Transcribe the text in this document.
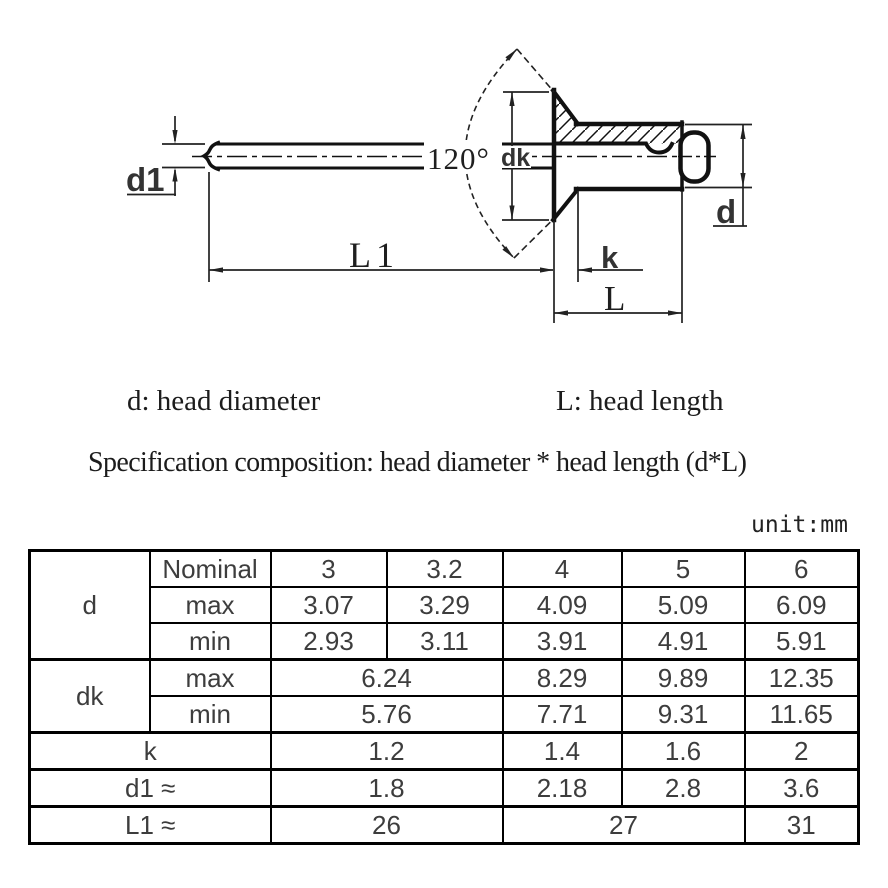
d1
120° dk
d
L1	k
L
d: head diameter	L: head length
Specification composition: head diameter * head length (d*L)
unit:mm
d	Nominal	3	3.2	4	5	6
	max	3.07	3.29	4.09	5.09	6.09
	min	2.93	3.11	3.91	4.91	5.91
dk	max	6.24		8.29	9.89	12.35
	min	5.76		7.71	9.31	11.65
k		1.2		1.4	1.6	2
d1 ≈		1.8		2.18	2.8	3.6
L1 ≈		26		27		31
